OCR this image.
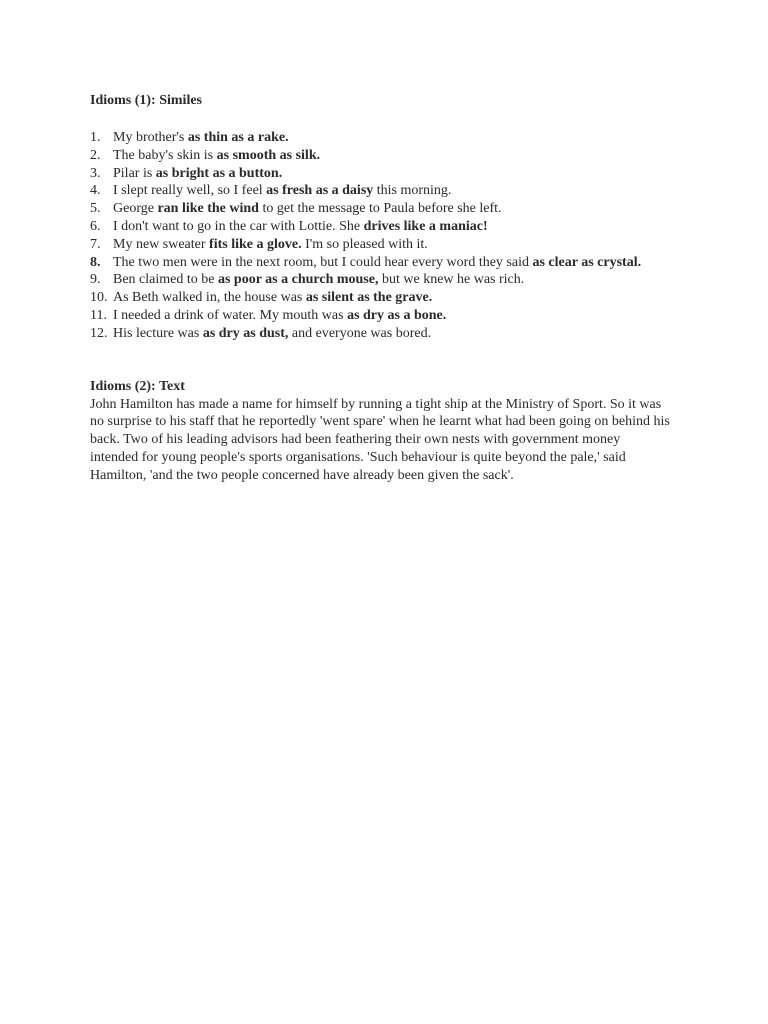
Idioms (1): Similes

1. My brother's as thin as a rake.
2. The baby's skin is as smooth as silk.
3. Pilar is as bright as a button.
4. I slept really well, so I feel as fresh as a daisy this morning.
5. George ran like the wind to get the message to Paula before she left.
6. I don't want to go in the car with Lottie. She drives like a maniac!
7. My new sweater fits like a glove. I'm so pleased with it.
8. The two men were in the next room, but I could hear every word they said as clear as crystal.
9. Ben claimed to be as poor as a church mouse, but we knew he was rich.
10. As Beth walked in, the house was as silent as the grave.
11. I needed a drink of water. My mouth was as dry as a bone.
12. His lecture was as dry as dust, and everyone was bored.

Idioms (2): Text

John Hamilton has made a name for himself by running a tight ship at the Ministry of Sport. So it was no surprise to his staff that he reportedly 'went spare' when he learnt what had been going on behind his back. Two of his leading advisors had been feathering their own nests with government money intended for young people's sports organisations. 'Such behaviour is quite beyond the pale,' said Hamilton, 'and the two people concerned have already been given the sack'.
